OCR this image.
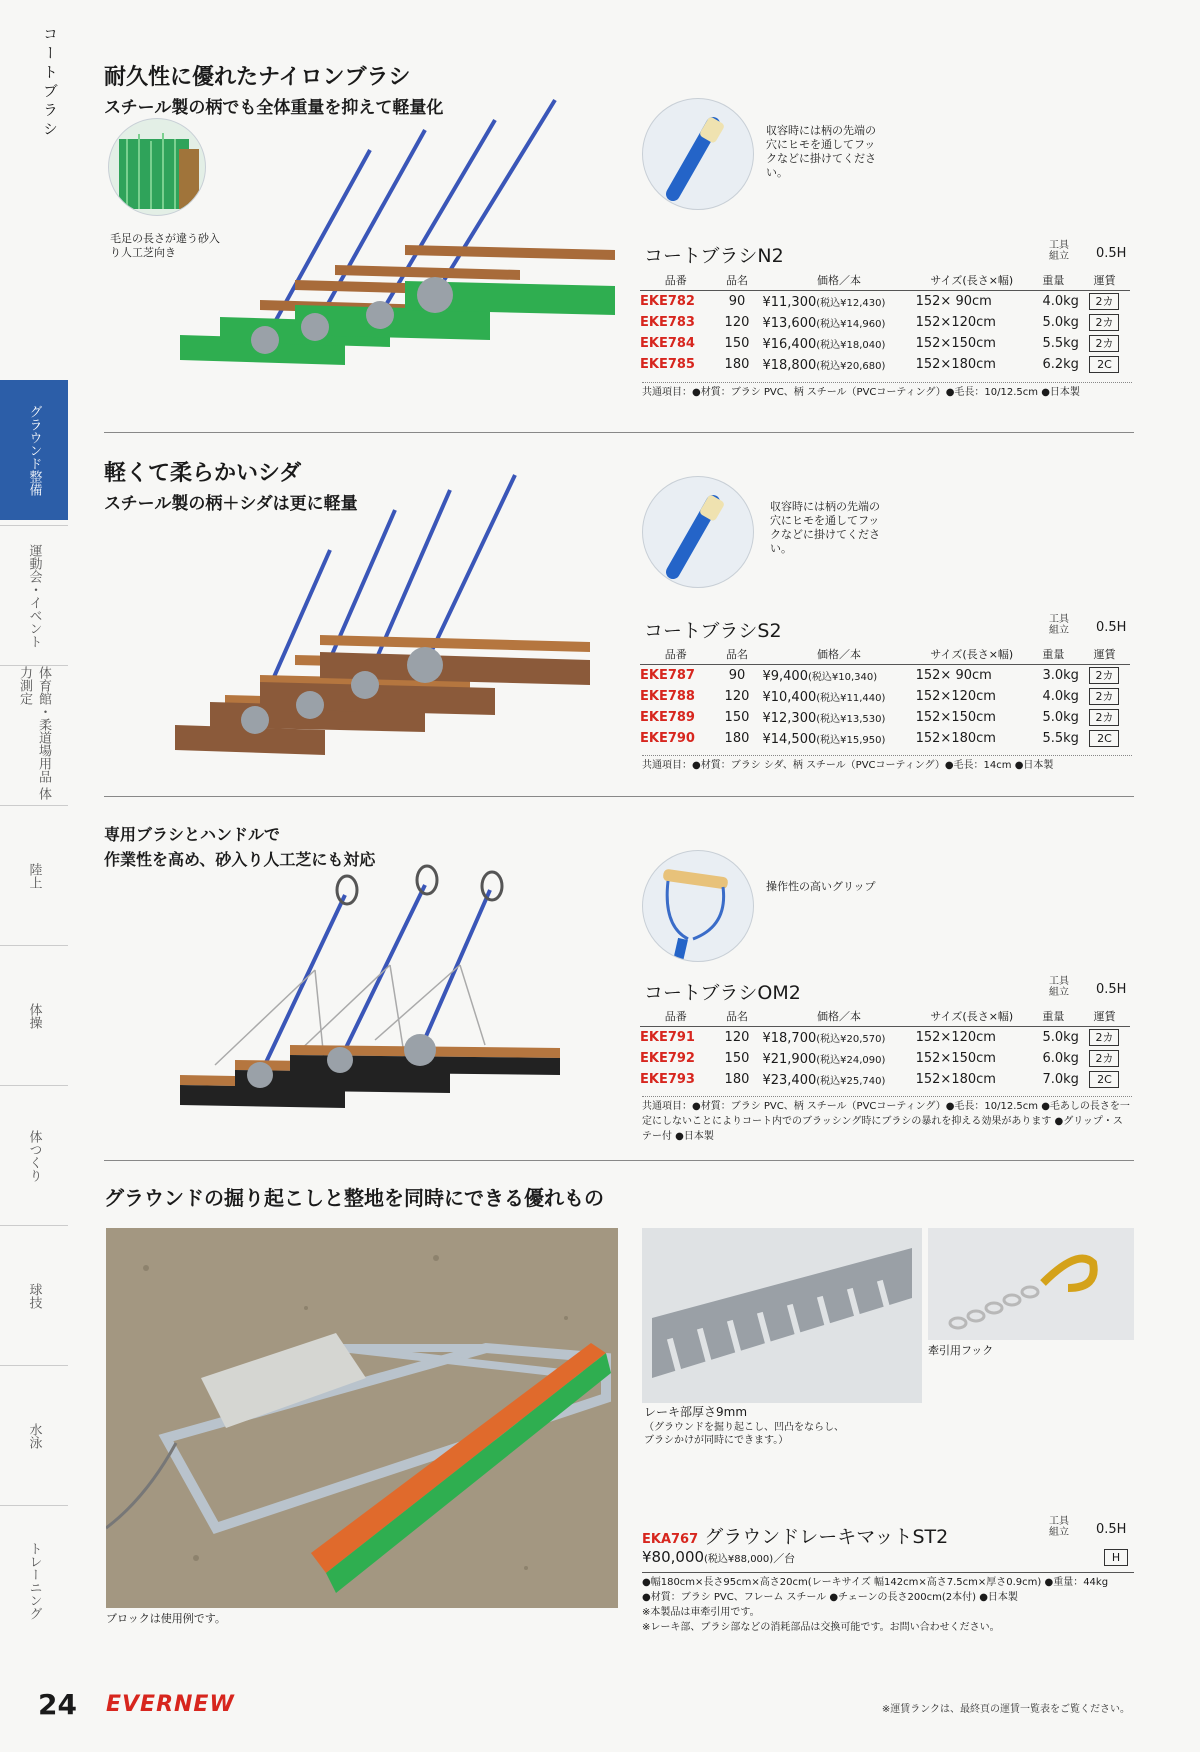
コートブラシ
グラウンド整備
運動会・イベント
体育館・柔道場用品 体力測定
陸上
体操
体つくり
球技
水泳
トレーニング
耐久性に優れたナイロンブラシ
スチール製の柄でも全体重量を抑えて軽量化
毛足の長さが違う砂入り人工芝向き
収容時には柄の先端の穴にヒモを通してフックなどに掛けてください。
コートブラシN2	工具組立 0.5H
品番	品名	価格／本	サイズ(長さ×幅)	重量	運賃
EKE782	90	¥11,300(税込¥12,430)	152× 90cm	4.0kg	2カ
EKE783	120	¥13,600(税込¥14,960)	152×120cm	5.0kg	2カ
EKE784	150	¥16,400(税込¥18,040)	152×150cm	5.5kg	2カ
EKE785	180	¥18,800(税込¥20,680)	152×180cm	6.2kg	2C
共通項目：●材質：ブラシ PVC、柄 スチール（PVCコーティング）●毛長：10/12.5cm ●日本製
軽くて柔らかいシダ
スチール製の柄＋シダは更に軽量	収容時には柄の先端の穴にヒモを通してフックなどに掛けてください。
コートブラシS2
工具組立 0.5H
品番	品名	価格／本	サイズ(長さ×幅)	重量	運賃
EKE787	90	¥9,400(税込¥10,340)	152× 90cm	3.0kg	2カ
EKE788	120	¥10,400(税込¥11,440)	152×120cm	4.0kg	2カ
EKE789	150	¥12,300(税込¥13,530)	152×150cm	5.0kg	2カ
EKE790	180	¥14,500(税込¥15,950)	152×180cm	5.5kg	2C
共通項目：●材質：ブラシ シダ、柄 スチール（PVCコーティング）●毛長：14cm ●日本製
専用ブラシとハンドルで
作業性を高め、砂入り人工芝にも対応
操作性の高いグリップ
コートブラシOM2
工具組立 0.5H
品番	品名	価格／本	サイズ(長さ×幅)	重量	運賃
EKE791	120	¥18,700(税込¥20,570)	152×120cm	5.0kg	2カ
EKE792	150	¥21,900(税込¥24,090)	152×150cm	6.0kg	2カ
EKE793	180	¥23,400(税込¥25,740)	152×180cm	7.0kg	2C
共通項目：●材質：ブラシ PVC、柄 スチール（PVCコーティング）●毛長：10/12.5cm ●毛あしの長さを一定にしないことによりコート内でのブラッシング時にブラシの暴れを抑える効果があります ●グリップ・ステー付 ●日本製
グラウンドの掘り起こしと整地を同時にできる優れもの
ブロックは使用例です。
レーキ部厚さ9mm
（グラウンドを掘り起こし、凹凸をならし、ブラシかけが同時にできます。）
牽引用フック
EKA767 グラウンドレーキマットST2
工具組立 0.5H
¥80,000(税込¥88,000)／台	H
●幅180cm×長さ95cm×高さ20cm(レーキサイズ 幅142cm×高さ7.5cm×厚さ0.9cm) ●重量：44kg
●材質：ブラシ PVC、フレーム スチール ●チェーンの長さ200cm(2本付) ●日本製
※本製品は車牽引用です。
※レーキ部、ブラシ部などの消耗部品は交換可能です。お問い合わせください。
24 EVERNEW	※運賃ランクは、最終頁の運賃一覧表をご覧ください。
